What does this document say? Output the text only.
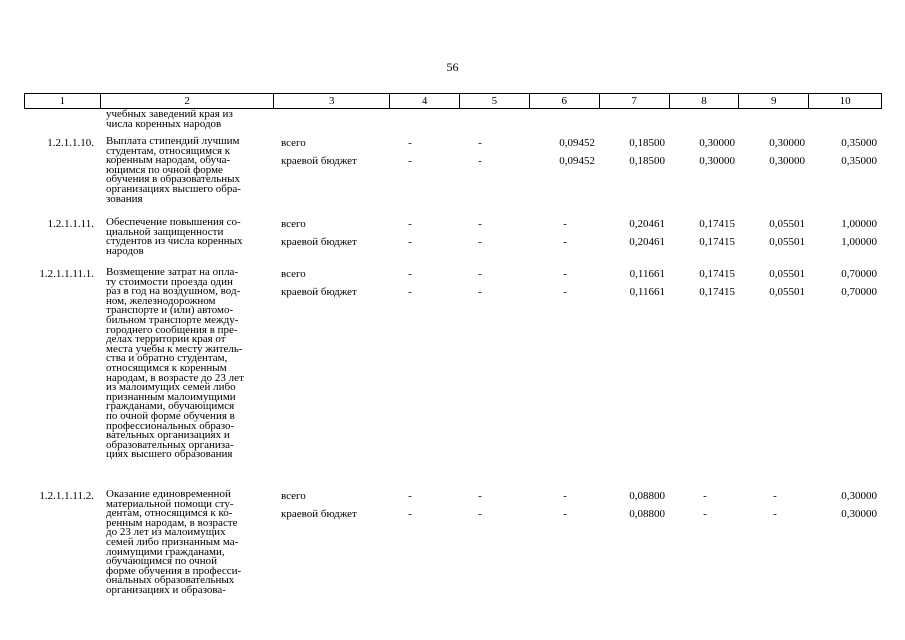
56
1	2	3	4	5	6	7	8	9	10
учебных заведений края из
числа коренных народов
1.2.1.1.10. Выплата стипендий лучшим
студентам, относящимся к
коренным народам, обуча-
ющимся по очной форме
обучения в образовательных
организациях высшего обра-
зования
всего	-	-	0,09452	0,18500	0,30000	0,30000	0,35000
краевой бюджет	-	-	0,09452	0,18500	0,30000	0,30000	0,35000
1.2.1.1.11. Обеспечение повышения со-
циальной защищенности
студентов из числа коренных
народов
всего	-	-	-	0,20461	0,17415	0,05501	1,00000
краевой бюджет	-	-	-	0,20461	0,17415	0,05501	1,00000
1.2.1.1.11.1. Возмещение затрат на опла-
ту стоимости проезда один
раз в год на воздушном, вод-
ном, железнодорожном
транспорте и (или) автомо-
бильном транспорте между-
городнего сообщения в пре-
делах территории края от
места учебы к месту житель-
ства и обратно студентам,
относящимся к коренным
народам, в возрасте до 23 лет
из малоимущих семей либо
признанным малоимущими
гражданами, обучающимся
по очной форме обучения в
профессиональных образо-
вательных организациях и
образовательных организа-
циях высшего образования
всего	-	-	-	0,11661	0,17415	0,05501	0,70000
краевой бюджет	-	-	-	0,11661	0,17415	0,05501	0,70000
1.2.1.1.11.2. Оказание единовременной
материальной помощи сту-
дентам, относящимся к ко-
ренным народам, в возрасте
до 23 лет из малоимущих
семей либо признанным ма-
лоимущими гражданами,
обучающимся по очной
форме обучения в професси-
ональных образовательных
организациях и образова-
всего	-	-	-	0,08800	-	-	0,30000
краевой бюджет	-	-	-	0,08800	-	-	0,30000
